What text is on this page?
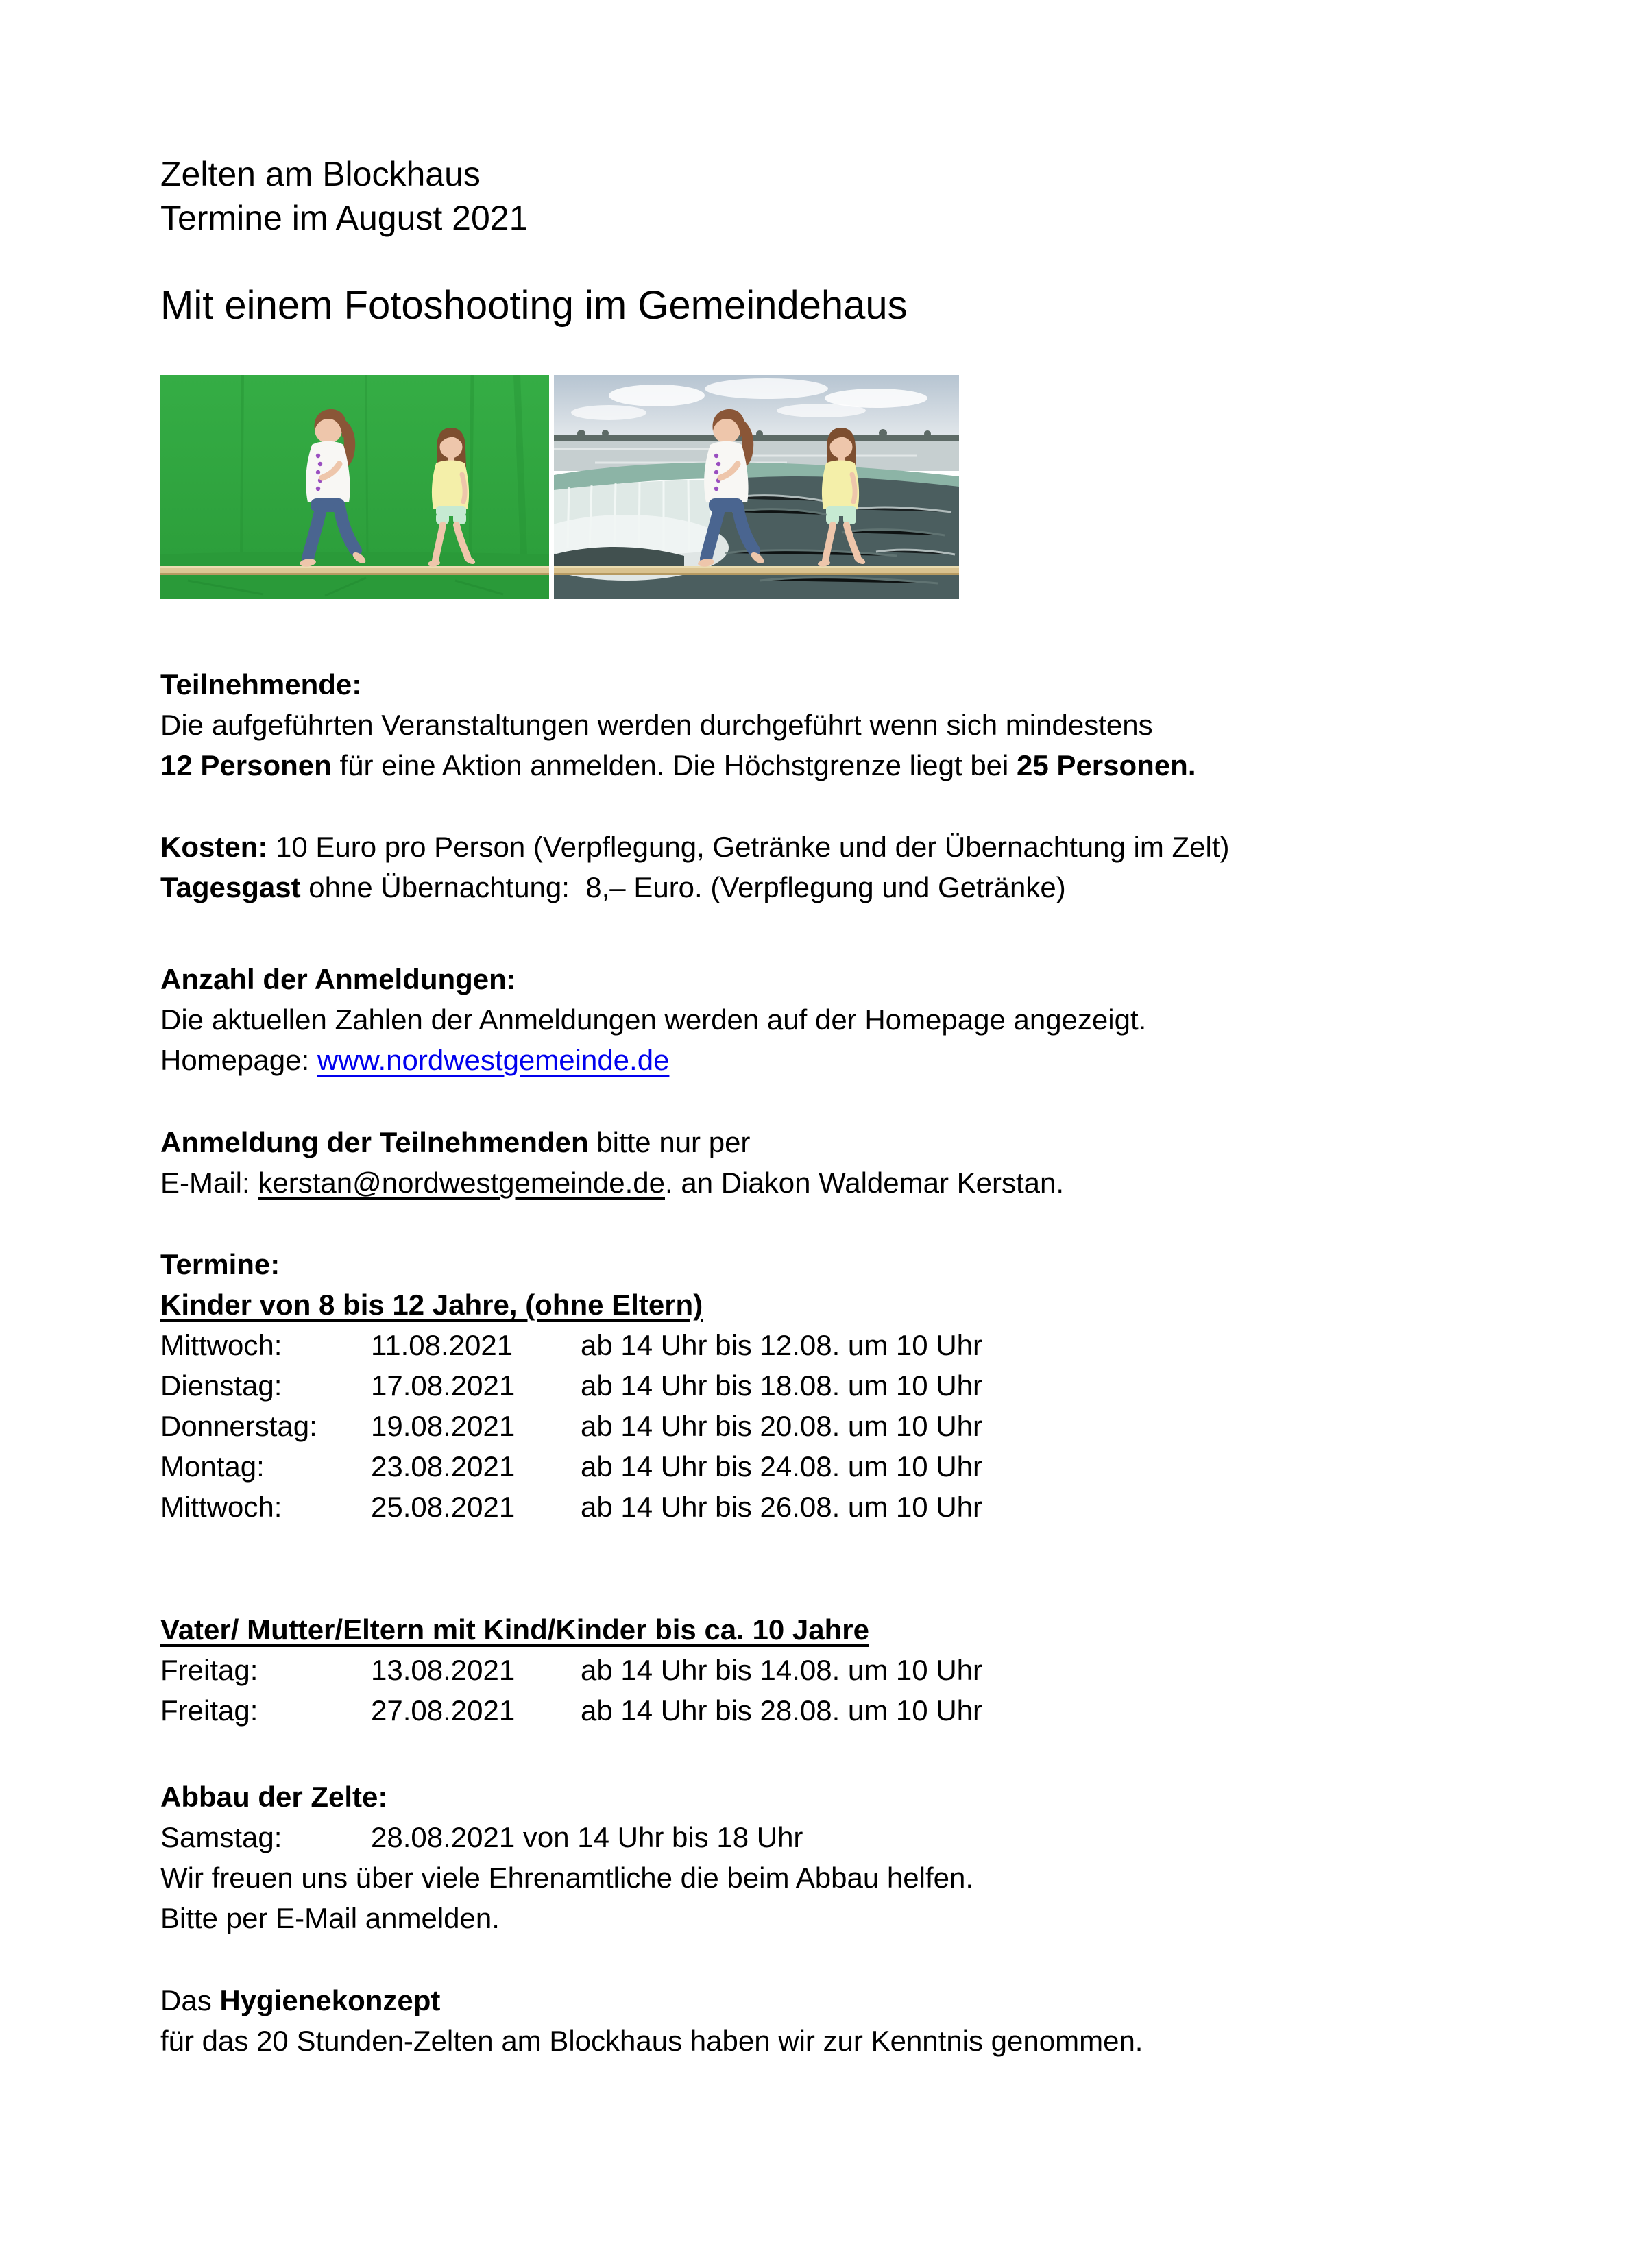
Zelten am Blockhaus
Termine im August 2021
Mit einem Fotoshooting im Gemeindehaus
Teilnehmende:
Die aufgeführten Veranstaltungen werden durchgeführt wenn sich mindestens
12 Personen für eine Aktion anmelden. Die Höchstgrenze liegt bei 25 Personen.
Kosten: 10 Euro pro Person (Verpflegung, Getränke und der Übernachtung im Zelt)
Tagesgast ohne Übernachtung:  8,– Euro. (Verpflegung und Getränke)
Anzahl der Anmeldungen:
Die aktuellen Zahlen der Anmeldungen werden auf der Homepage angezeigt.
Homepage: www.nordwestgemeinde.de
Anmeldung der Teilnehmenden bitte nur per
E-Mail: kerstan@nordwestgemeinde.de. an Diakon Waldemar Kerstan.
Termine:
Kinder von 8 bis 12 Jahre, (ohne Eltern)
Mittwoch:	11.08.2021	ab 14 Uhr bis 12.08. um 10 Uhr
Dienstag:	17.08.2021	ab 14 Uhr bis 18.08. um 10 Uhr
Donnerstag:	19.08.2021	ab 14 Uhr bis 20.08. um 10 Uhr
Montag:	23.08.2021	ab 14 Uhr bis 24.08. um 10 Uhr
Mittwoch:	25.08.2021	ab 14 Uhr bis 26.08. um 10 Uhr
Vater/ Mutter/Eltern mit Kind/Kinder bis ca. 10 Jahre
Freitag:	13.08.2021	ab 14 Uhr bis 14.08. um 10 Uhr
Freitag:	27.08.2021	ab 14 Uhr bis 28.08. um 10 Uhr
Abbau der Zelte:
Samstag:	28.08.2021 von 14 Uhr bis 18 Uhr
Wir freuen uns über viele Ehrenamtliche die beim Abbau helfen.
Bitte per E-Mail anmelden.
Das Hygienekonzept
für das 20 Stunden-Zelten am Blockhaus haben wir zur Kenntnis genommen.
